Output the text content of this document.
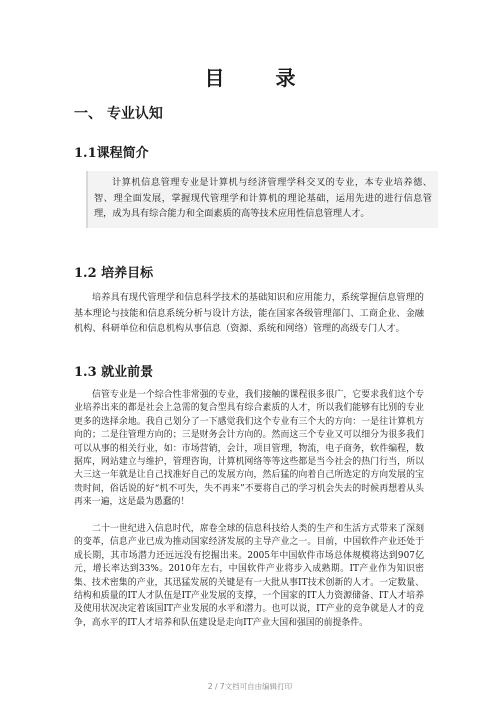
目 录
一、 专业认知
1.1课程简介

计算机信息管理专业是计算机与经济管理学科交叉的专业，本专业培养德、智、理全面发展，掌握现代管理学和计算机的理论基础，运用先进的进行信息管理，成为具有综合能力和全面素质的高等技术应用性信息管理人才。

1.2 培养目标

培养具有现代管理学和信息科学技术的基础知识和应用能力，系统掌握信息管理的基本理论与技能和信息系统分析与设计方法，能在国家各级管理部门、工商企业、金融机构、科研单位和信息机构从事信息（资源、系统和网络）管理的高级专门人才。

1.3 就业前景

信管专业是一个综合性非常强的专业，我们接触的课程很多很广，它要求我们这个专业培养出来的都是社会上急需的复合型具有综合素质的人才，所以我们能够有比别的专业更多的选择余地。我自己划分了一下感觉我们这个专业有三个大的方向：一是往计算机方向的；二是往管理方向的；三是财务会计方向的。然而这三个专业又可以细分为很多我们可以从事的相关行业，如：市场营销，会计，项目管理，物流，电子商务，软件编程，数据库，网站建立与维护，管理咨询，计算机网络等等这些都是当今社会的热门行当，所以大三这一年就是让自己找准好自己的发展方向，然后猛的向着自己所选定的方向发展的宝贵时间，俗话说的好“机不可失，失不再来”不要将自己的学习机会失去的时候再想着从头再来一遍，这是最为愚蠢的！

二十一世纪进入信息时代，席卷全球的信息科技给人类的生产和生活方式带来了深刻的变革，信息产业已成为推动国家经济发展的主导产业之一。目前，中国软件产业还处于成长期，其市场潜力还远远没有挖掘出来。2005年中国软件市场总体规模将达到907亿元，增长率达到33%。2010年左右，中国软件产业将步入成熟期。IT产业作为知识密集、技术密集的产业，其迅猛发展的关键是有一大批从事IT技术创新的人才。一定数量、结构和质量的IT人才队伍是IT产业发展的支撑，一个国家的IT人力资源储备、IT人才培养及使用状况决定着该国IT产业发展的水平和潜力。也可以说，IT产业的竞争就是人才的竞争，高水平的IT人才培养和队伍建设是走向IT产业大国和强国的前提条件。

2 / 7文档可自由编辑打印
